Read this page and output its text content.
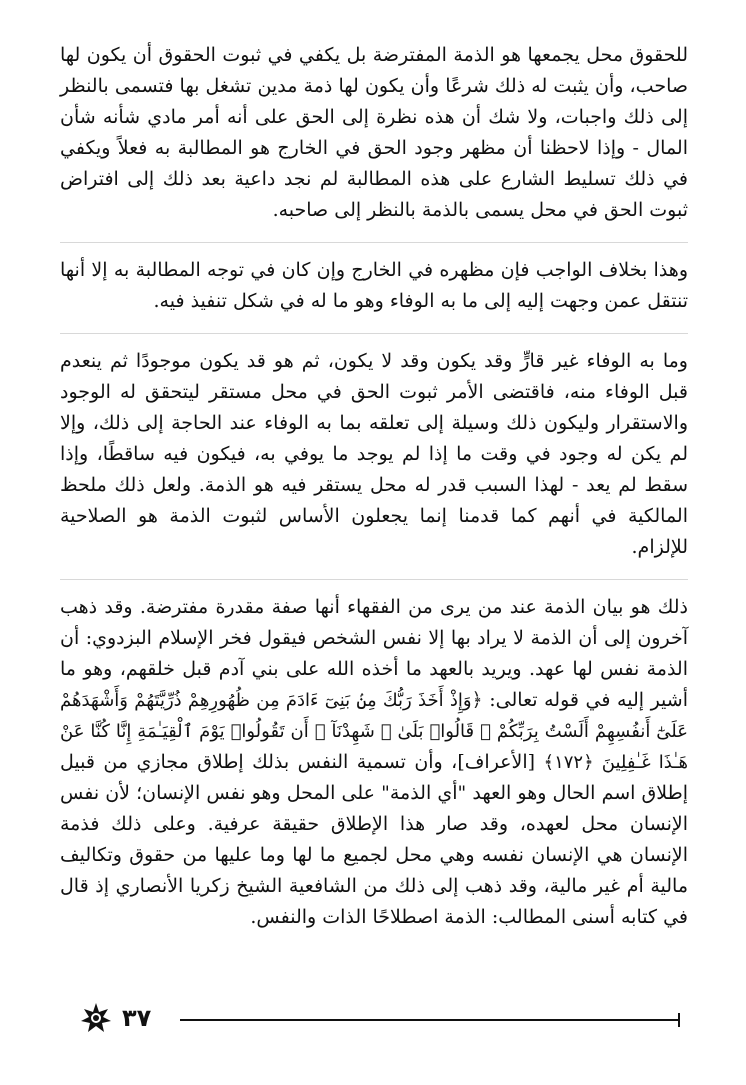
للحقوق محل يجمعها هو الذمة المفترضة بل يكفي في ثبوت الحقوق أن يكون لها صاحب، وأن يثبت له ذلك شرعًا وأن يكون لها ذمة مدين تشغل بها فتسمى بالنظر إلى ذلك واجبات، ولا شك أن هذه نظرة إلى الحق على أنه أمر مادي شأنه شأن المال - وإذا لاحظنا أن مظهر وجود الحق في الخارج هو المطالبة به فعلاً ويكفي في ذلك تسليط الشارع على هذه المطالبة لم نجد داعية بعد ذلك إلى افتراض ثبوت الحق في محل يسمى بالذمة بالنظر إلى صاحبه.

وهذا بخلاف الواجب فإن مظهره في الخارج وإن كان في توجه المطالبة به إلا أنها تنتقل عمن وجهت إليه إلى ما به الوفاء وهو ما له في شكل تنفيذ فيه.

وما به الوفاء غير قارٍّ وقد يكون وقد لا يكون، ثم هو قد يكون موجودًا ثم ينعدم قبل الوفاء منه، فاقتضى الأمر ثبوت الحق في محل مستقر ليتحقق له الوجود والاستقرار وليكون ذلك وسيلة إلى تعلقه بما به الوفاء عند الحاجة إلى ذلك، وإلا لم يكن له وجود في وقت ما إذا لم يوجد ما يوفي به، فيكون فيه ساقطًا، وإذا سقط لم يعد - لهذا السبب قدر له محل يستقر فيه هو الذمة. ولعل ذلك ملحظ المالكية في أنهم كما قدمنا إنما يجعلون الأساس لثبوت الذمة هو الصلاحية للإلزام.

ذلك هو بيان الذمة عند من يرى من الفقهاء أنها صفة مقدرة مفترضة. وقد ذهب آخرون إلى أن الذمة لا يراد بها إلا نفس الشخص فيقول فخر الإسلام البزدوي: أن الذمة نفس لها عهد. ويريد بالعهد ما أخذه الله على بني آدم قبل خلقهم، وهو ما أشير إليه في قوله تعالى: ﴿وَإِذْ أَخَذَ رَبُّكَ مِنۢ بَنِىٓ ءَادَمَ مِن ظُهُورِهِمْ ذُرِّيَّتَهُمْ وَأَشْهَدَهُمْ عَلَىٰٓ أَنفُسِهِمْ أَلَسْتُ بِرَبِّكُمْ ۖ قَالُوا۟ بَلَىٰ ۛ شَهِدْنَآ ۛ أَن تَقُولُوا۟ يَوْمَ ٱلْقِيَـٰمَةِ إِنَّا كُنَّا عَنْ هَـٰذَا غَـٰفِلِينَ ﴿١٧٢﴾ [الأعراف]، وأن تسمية النفس بذلك إطلاق مجازي من قبيل إطلاق اسم الحال وهو العهد "أي الذمة" على المحل وهو نفس الإنسان؛ لأن نفس الإنسان محل لعهده، وقد صار هذا الإطلاق حقيقة عرفية. وعلى ذلك فذمة الإنسان هي الإنسان نفسه وهي محل لجميع ما لها وما عليها من حقوق وتكاليف مالية أم غير مالية، وقد ذهب إلى ذلك من الشافعية الشيخ زكريا الأنصاري إذ قال في كتابه أسنى المطالب: الذمة اصطلاحًا الذات والنفس.

٣٧
